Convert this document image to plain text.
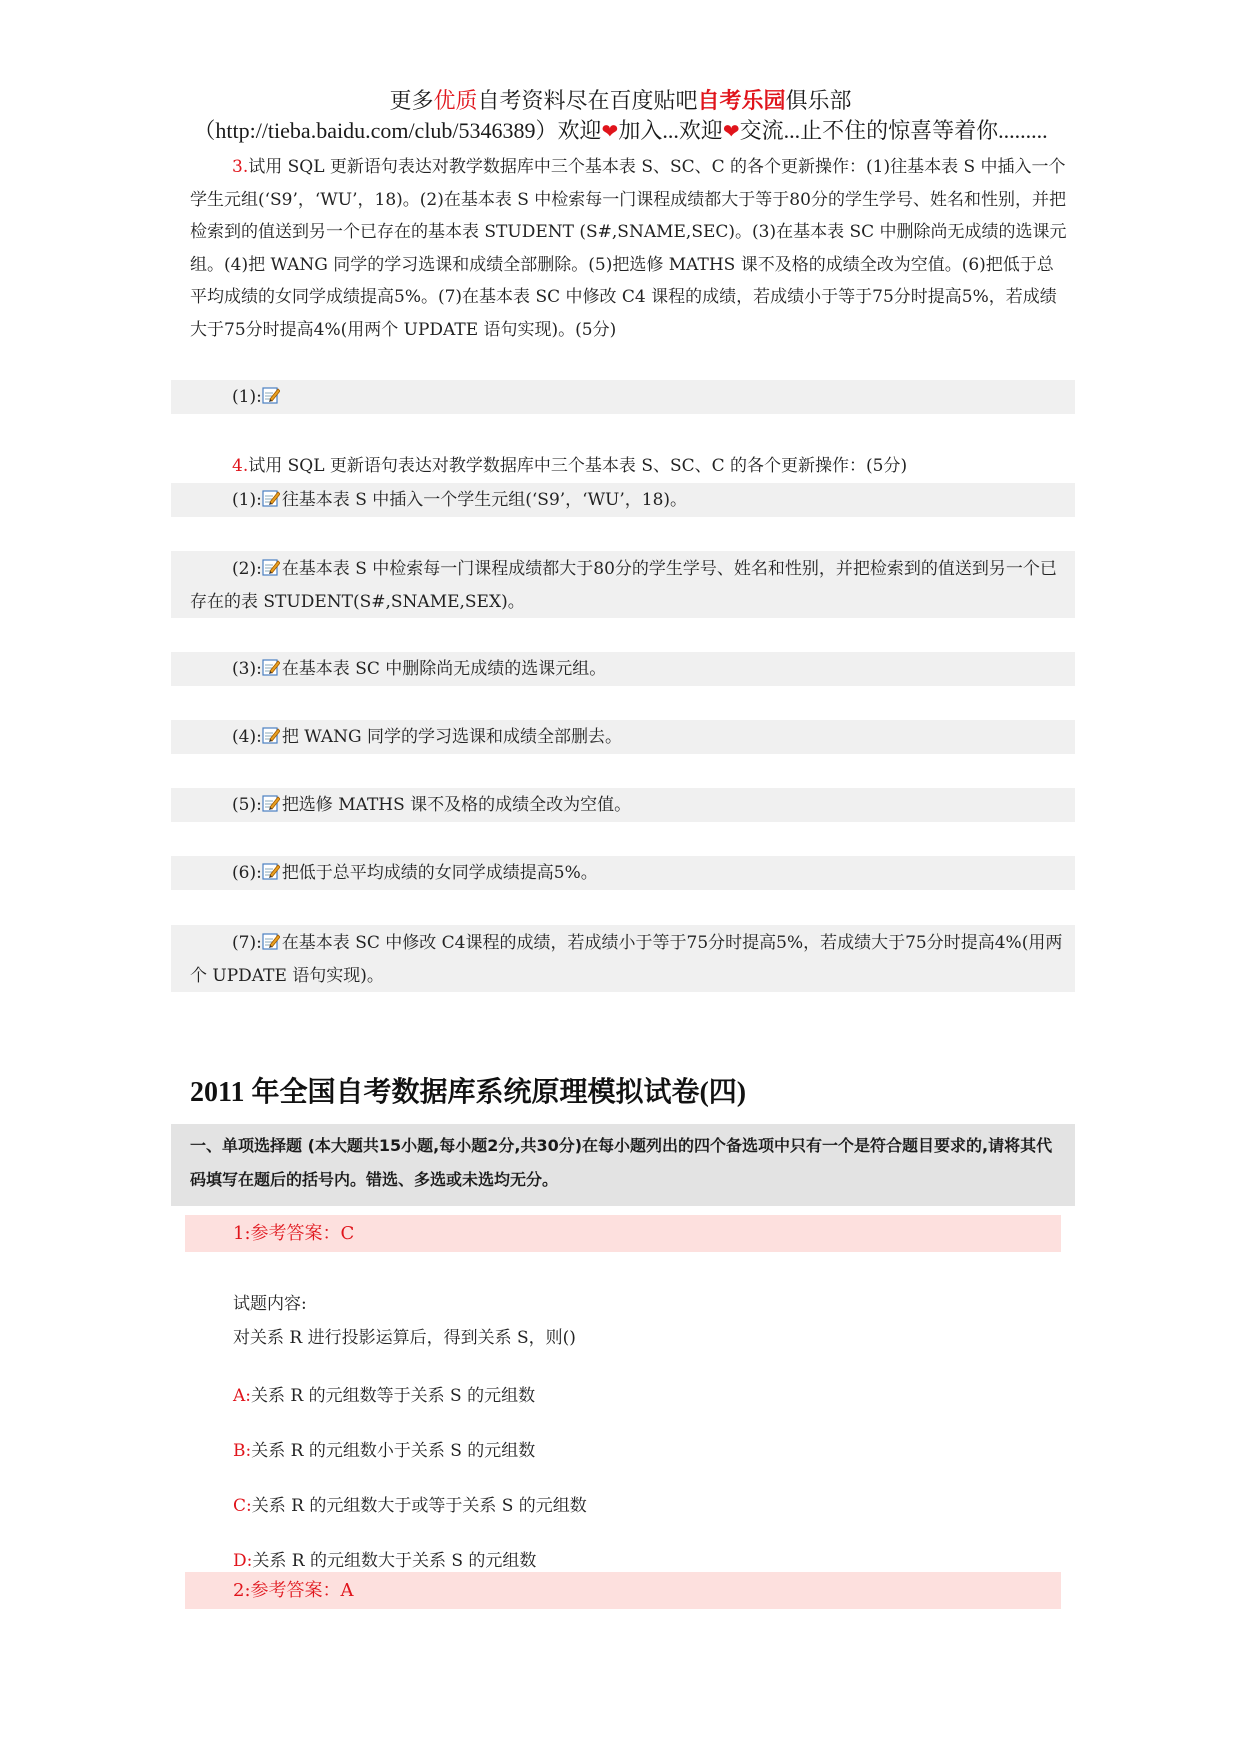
更多优质自考资料尽在百度贴吧自考乐园俱乐部
（http://tieba.baidu.com/club/5346389）欢迎❤加入...欢迎❤交流...止不住的惊喜等着你.........
3.试用 SQL 更新语句表达对教学数据库中三个基本表 S、SC、C 的各个更新操作：(1)往基本表 S 中插入一个学生元组(‘S9’，‘WU’，18)。(2)在基本表 S 中检索每一门课程成绩都大于等于80分的学生学号、姓名和性别，并把检索到的值送到另一个已存在的基本表 STUDENT (S#,SNAME,SEC)。(3)在基本表 SC 中删除尚无成绩的选课元组。(4)把 WANG 同学的学习选课和成绩全部删除。(5)把选修 MATHS 课不及格的成绩全改为空值。(6)把低于总平均成绩的女同学成绩提高5%。(7)在基本表 SC 中修改 C4 课程的成绩，若成绩小于等于75分时提高5%，若成绩大于75分时提高4%(用两个 UPDATE 语句实现)。(5分)
(1):
4.试用 SQL 更新语句表达对教学数据库中三个基本表 S、SC、C 的各个更新操作：(5分)
(1): 往基本表 S 中插入一个学生元组(‘S9’，‘WU’，18)。
(2): 在基本表 S 中检索每一门课程成绩都大于80分的学生学号、姓名和性别，并把检索到的值送到另一个已存在的表 STUDENT(S#,SNAME,SEX)。
(3): 在基本表 SC 中删除尚无成绩的选课元组。
(4): 把 WANG 同学的学习选课和成绩全部删去。
(5): 把选修 MATHS 课不及格的成绩全改为空值。
(6): 把低于总平均成绩的女同学成绩提高5%。
(7): 在基本表 SC 中修改 C4课程的成绩，若成绩小于等于75分时提高5%，若成绩大于75分时提高4%(用两个 UPDATE 语句实现)。
2011 年全国自考数据库系统原理模拟试卷(四)
一、单项选择题 (本大题共15小题,每小题2分,共30分)在每小题列出的四个备选项中只有一个是符合题目要求的,请将其代码填写在题后的括号内。错选、多选或未选均无分。
1:参考答案：C
试题内容:
对关系 R 进行投影运算后，得到关系 S，则()
A:关系 R 的元组数等于关系 S 的元组数
B:关系 R 的元组数小于关系 S 的元组数
C:关系 R 的元组数大于或等于关系 S 的元组数
D:关系 R 的元组数大于关系 S 的元组数
2:参考答案：A
